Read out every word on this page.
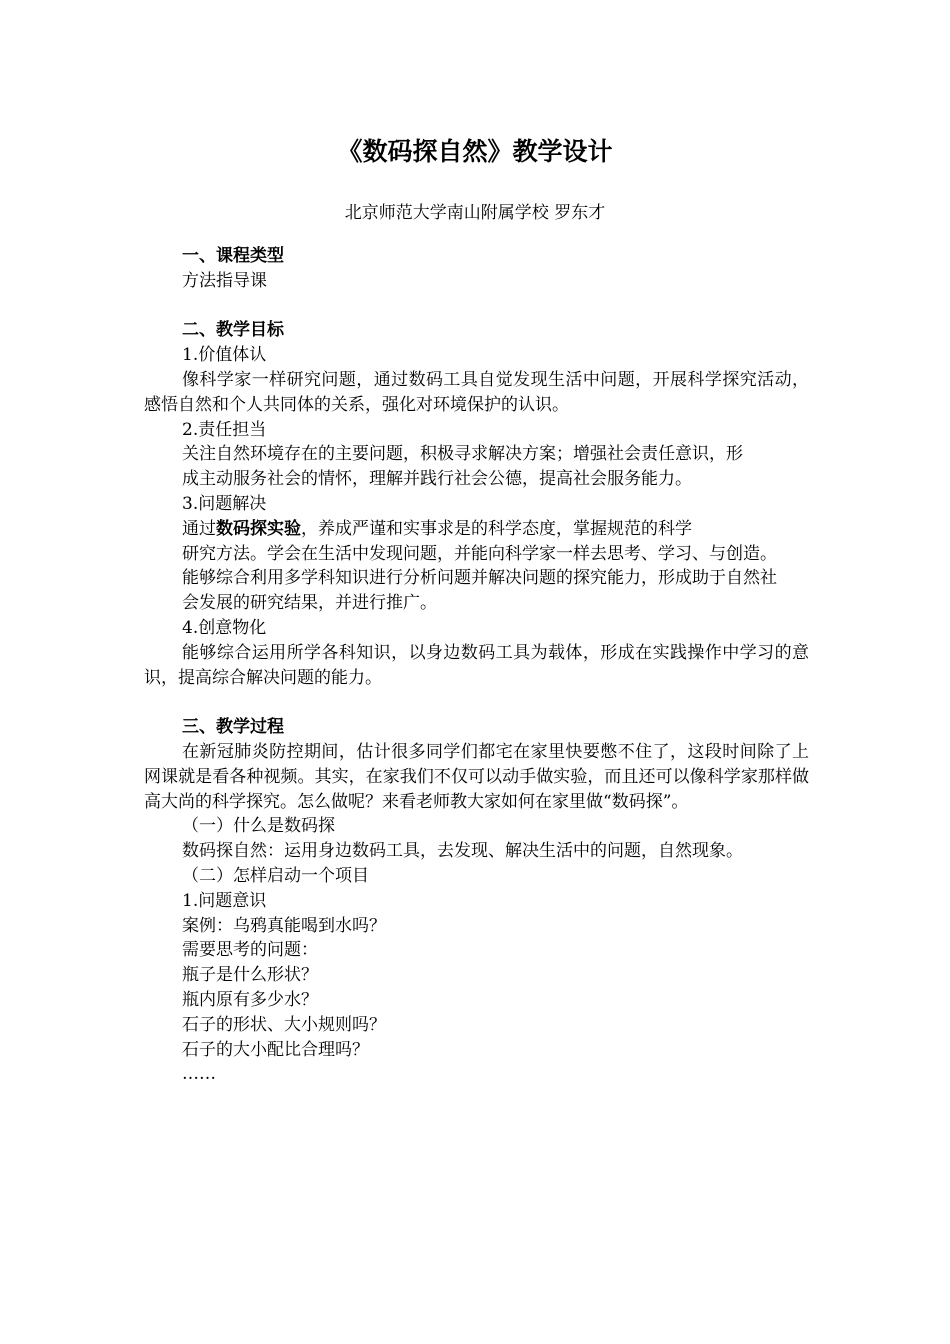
《数码探自然》教学设计
北京师范大学南山附属学校 罗东才

一、课程类型

方法指导课

二、教学目标

1.价值体认

像科学家一样研究问题，通过数码工具自觉发现生活中问题，开展科学探究活动，感悟自然和个人共同体的关系，强化对环境保护的认识。

2.责任担当

关注自然环境存在的主要问题，积极寻求解决方案；增强社会责任意识，形

成主动服务社会的情怀，理解并践行社会公德，提高社会服务能力。

3.问题解决

通过数码探实验，养成严谨和实事求是的科学态度，掌握规范的科学

研究方法。学会在生活中发现问题，并能向科学家一样去思考、学习、与创造。

能够综合利用多学科知识进行分析问题并解决问题的探究能力，形成助于自然社

会发展的研究结果，并进行推广。

4.创意物化

能够综合运用所学各科知识，以身边数码工具为载体，形成在实践操作中学习的意识，提高综合解决问题的能力。

三、教学过程

在新冠肺炎防控期间，估计很多同学们都宅在家里快要憋不住了，这段时间除了上网课就是看各种视频。其实，在家我们不仅可以动手做实验，而且还可以像科学家那样做高大尚的科学探究。怎么做呢？来看老师教大家如何在家里做“数码探”。

（一）什么是数码探

数码探自然：运用身边数码工具，去发现、解决生活中的问题，自然现象。

（二）怎样启动一个项目

1.问题意识

案例：乌鸦真能喝到水吗？

需要思考的问题：

瓶子是什么形状？

瓶内原有多少水？

石子的形状、大小规则吗？

石子的大小配比合理吗？

……
